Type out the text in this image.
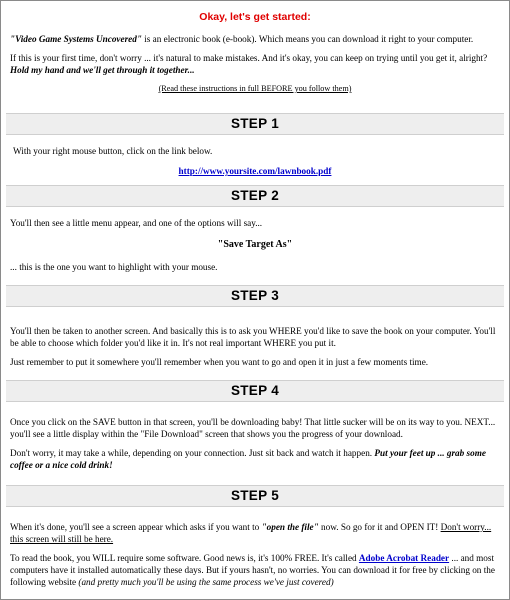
Okay, let's get started:

"Video Game Systems Uncovered" is an electronic book (e-book). Which means you can download it right to your computer.

If this is your first time, don't worry ... it's natural to make mistakes. And it's okay, you can keep on trying until you get it, alright? Hold my hand and we'll get through it together...

(Read these instructions in full BEFORE you follow them)

STEP 1

With your right mouse button, click on the link below.

http://www.yoursite.com/lawnbook.pdf

STEP 2

You'll then see a little menu appear, and one of the options will say...

"Save Target As"

... this is the one you want to highlight with your mouse.

STEP 3

You'll then be taken to another screen. And basically this is to ask you WHERE you'd like to save the book on your computer. You'll be able to choose which folder you'd like it in. It's not real important WHERE you put it.

Just remember to put it somewhere you'll remember when you want to go and open it in just a few moments time.

STEP 4

Once you click on the SAVE button in that screen, you'll be downloading baby! That little sucker will be on its way to you. NEXT... you'll see a little display within the "File Download" screen that shows you the progress of your download.

Don't worry, it may take a while, depending on your connection. Just sit back and watch it happen. Put your feet up ... grab some coffee or a nice cold drink!

STEP 5

When it's done, you'll see a screen appear which asks if you want to "open the file" now. So go for it and OPEN IT! Don't worry... this screen will still be here.

To read the book, you WILL require some software. Good news is, it's 100% FREE. It's called Adobe Acrobat Reader ... and most computers have it installed automatically these days. But if yours hasn't, no worries. You can download it for free by clicking on the following website (and pretty much you'll be using the same process we've just covered)
